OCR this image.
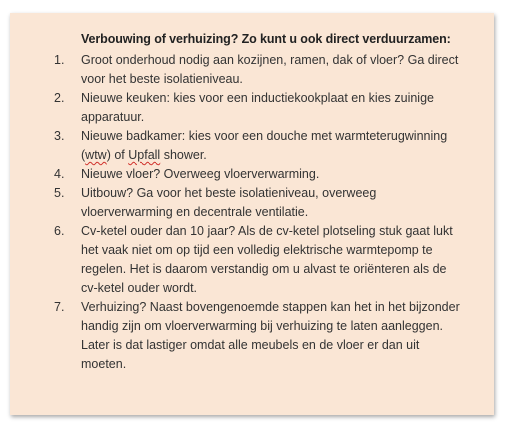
Verbouwing of verhuizing? Zo kunt u ook direct verduurzamen:
1. Groot onderhoud nodig aan kozijnen, ramen, dak of vloer? Ga direct
voor het beste isolatieniveau.
2. Nieuwe keuken: kies voor een inductiekookplaat en kies zuinige
apparatuur.
3. Nieuwe badkamer: kies voor een douche met warmteterugwinning
(wtw) of Upfall shower.
4. Nieuwe vloer? Overweeg vloerverwarming.
5. Uitbouw? Ga voor het beste isolatieniveau, overweeg
vloerverwarming en decentrale ventilatie.
6. Cv-ketel ouder dan 10 jaar? Als de cv-ketel plotseling stuk gaat lukt
het vaak niet om op tijd een volledig elektrische warmtepomp te
regelen. Het is daarom verstandig om u alvast te oriënteren als de
cv-ketel ouder wordt.
7. Verhuizing? Naast bovengenoemde stappen kan het in het bijzonder
handig zijn om vloerverwarming bij verhuizing te laten aanleggen.
Later is dat lastiger omdat alle meubels en de vloer er dan uit
moeten.
